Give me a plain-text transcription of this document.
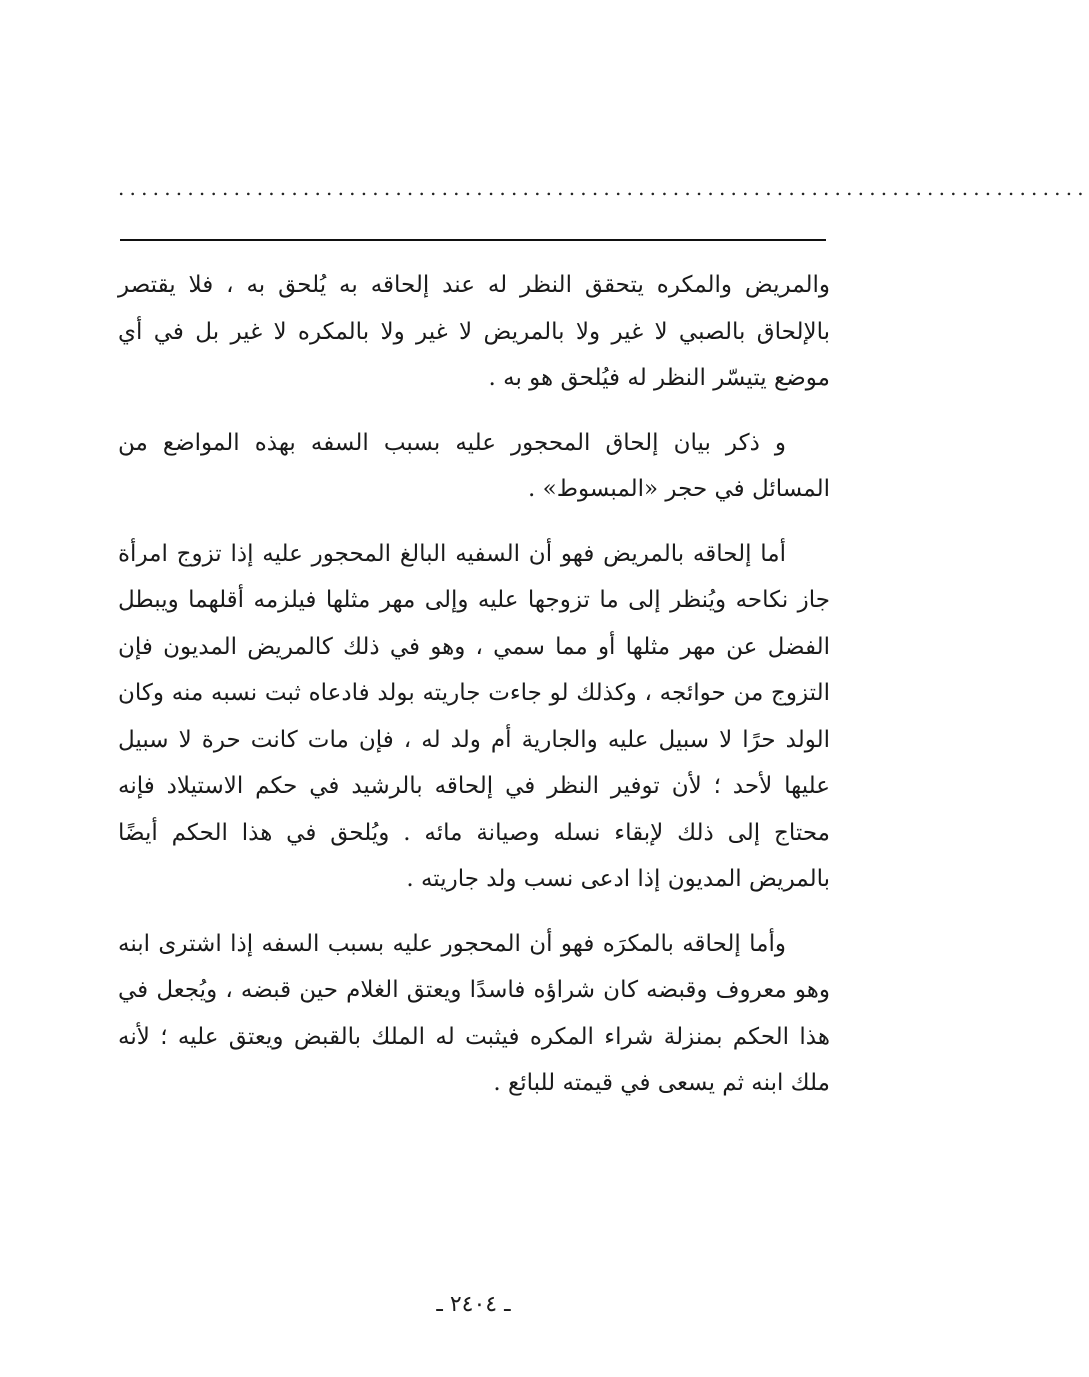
....................................................................................

والمريض والمكره يتحقق النظر له عند إلحاقه به يُلحق به ، فلا يقتصر بالإلحاق بالصبي لا غير ولا بالمريض لا غير ولا بالمكره لا غير بل في أي موضع يتيسّر النظر له فيُلحق هو به .

و ذكر بيان إلحاق المحجور عليه بسبب السفه بهذه المواضع من المسائل في حجر «المبسوط» .

أما إلحاقه بالمريض فهو أن السفيه البالغ المحجور عليه إذا تزوج امرأة جاز نكاحه ويُنظر إلى ما تزوجها عليه وإلى مهر مثلها فيلزمه أقلهما ويبطل الفضل عن مهر مثلها أو مما سمي ، وهو في ذلك كالمريض المديون فإن التزوج من حوائجه ، وكذلك لو جاءت جاريته بولد فادعاه ثبت نسبه منه وكان الولد حرًا لا سبيل عليه والجارية أم ولد له ، فإن مات كانت حرة لا سبيل عليها لأحد ؛ لأن توفير النظر في إلحاقه بالرشيد في حكم الاستيلاد فإنه محتاج إلى ذلك لإبقاء نسله وصيانة مائه . ويُلحق في هذا الحكم أيضًا بالمريض المديون إذا ادعى نسب ولد جاريته .

وأما إلحاقه بالمكرَه فهو أن المحجور عليه بسبب السفه إذا اشترى ابنه وهو معروف وقبضه كان شراؤه فاسدًا ويعتق الغلام حين قبضه ، ويُجعل في هذا الحكم بمنزلة شراء المكره فيثبت له الملك بالقبض ويعتق عليه ؛ لأنه ملك ابنه ثم يسعى في قيمته للبائع .

ـ ٢٤٠٤ ـ
